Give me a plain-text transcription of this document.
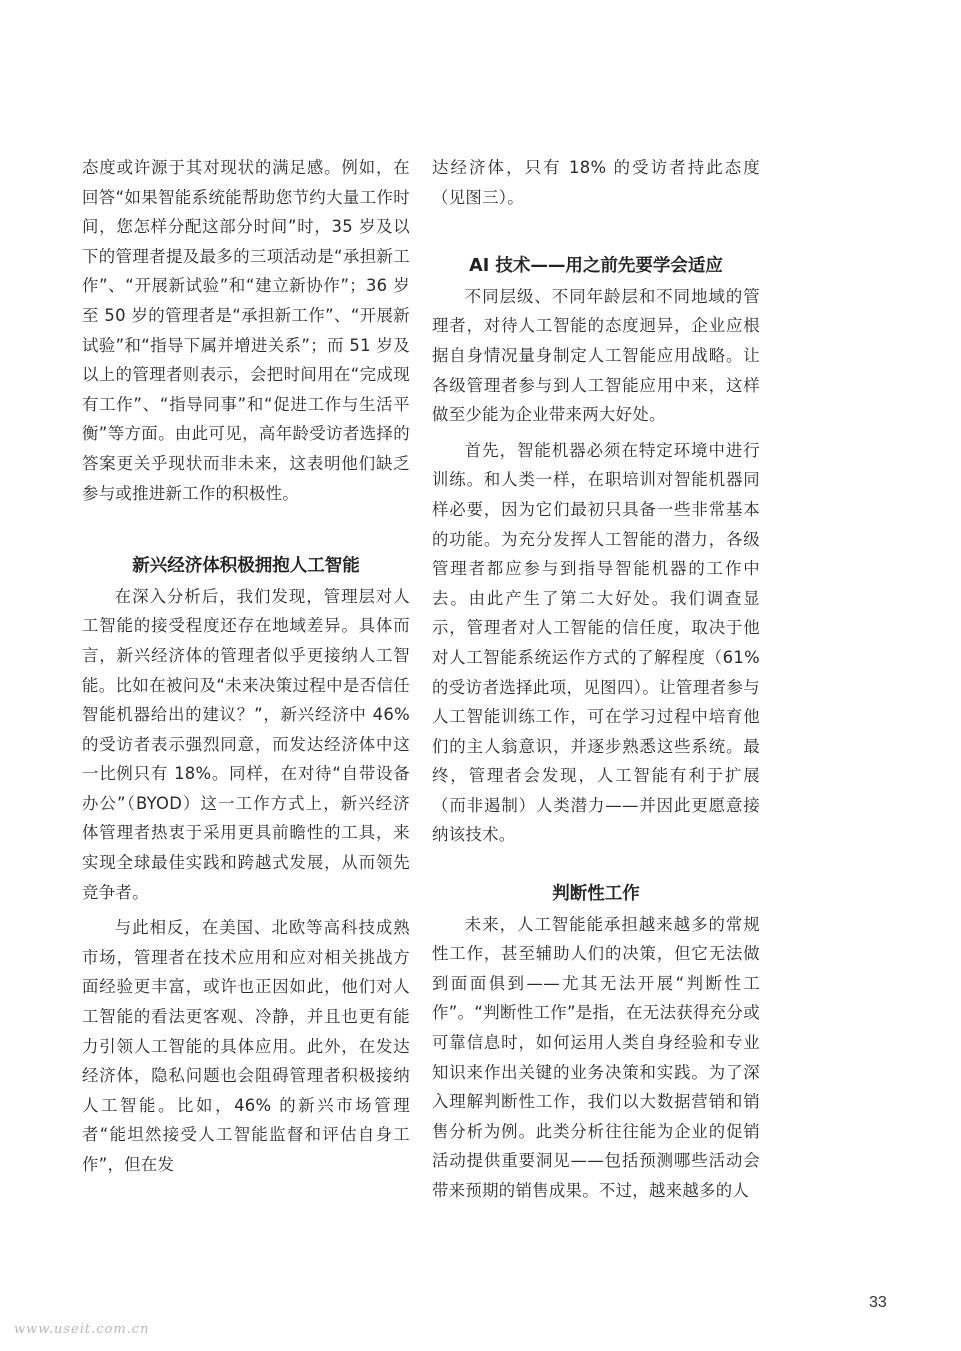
态度或许源于其对现状的满足感。例如，在回答“如果智能系统能帮助您节约大量工作时间，您怎样分配这部分时间”时，35 岁及以下的管理者提及最多的三项活动是“承担新工作”、“开展新试验”和“建立新协作”；36 岁至 50 岁的管理者是“承担新工作”、“开展新试验”和“指导下属并增进关系”；而 51 岁及以上的管理者则表示，会把时间用在“完成现有工作”、“指导同事”和“促进工作与生活平衡”等方面。由此可见，高年龄受访者选择的答案更关乎现状而非未来，这表明他们缺乏参与或推进新工作的积极性。

新兴经济体积极拥抱人工智能

在深入分析后，我们发现，管理层对人工智能的接受程度还存在地域差异。具体而言，新兴经济体的管理者似乎更接纳人工智能。比如在被问及“未来决策过程中是否信任智能机器给出的建议？”，新兴经济中 46% 的受访者表示强烈同意，而发达经济体中这一比例只有 18%。同样，在对待“自带设备办公”（BYOD）这一工作方式上，新兴经济体管理者热衷于采用更具前瞻性的工具，来实现全球最佳实践和跨越式发展，从而领先竞争者。

与此相反，在美国、北欧等高科技成熟市场，管理者在技术应用和应对相关挑战方面经验更丰富，或许也正因如此，他们对人工智能的看法更客观、冷静，并且也更有能力引领人工智能的具体应用。此外，在发达经济体，隐私问题也会阻碍管理者积极接纳人工智能。比如，46% 的新兴市场管理者“能坦然接受人工智能监督和评估自身工作”，但在发

达经济体，只有 18% 的受访者持此态度（见图三）。

AI 技术——用之前先要学会适应

不同层级、不同年龄层和不同地域的管理者，对待人工智能的态度迥异，企业应根据自身情况量身制定人工智能应用战略。让各级管理者参与到人工智能应用中来，这样做至少能为企业带来两大好处。

首先，智能机器必须在特定环境中进行训练。和人类一样，在职培训对智能机器同样必要，因为它们最初只具备一些非常基本的功能。为充分发挥人工智能的潜力，各级管理者都应参与到指导智能机器的工作中去。由此产生了第二大好处。我们调查显示，管理者对人工智能的信任度，取决于他对人工智能系统运作方式的了解程度（61% 的受访者选择此项，见图四）。让管理者参与人工智能训练工作，可在学习过程中培育他们的主人翁意识，并逐步熟悉这些系统。最终，管理者会发现，人工智能有利于扩展（而非遏制）人类潜力——并因此更愿意接纳该技术。

判断性工作

未来，人工智能能承担越来越多的常规性工作，甚至辅助人们的决策，但它无法做到面面俱到——尤其无法开展“判断性工作”。“判断性工作”是指，在无法获得充分或可靠信息时，如何运用人类自身经验和专业知识来作出关键的业务决策和实践。为了深入理解判断性工作，我们以大数据营销和销售分析为例。此类分析往往能为企业的促销活动提供重要洞见——包括预测哪些活动会带来预期的销售成果。不过，越来越多的人

33
www.useit.com.cn
